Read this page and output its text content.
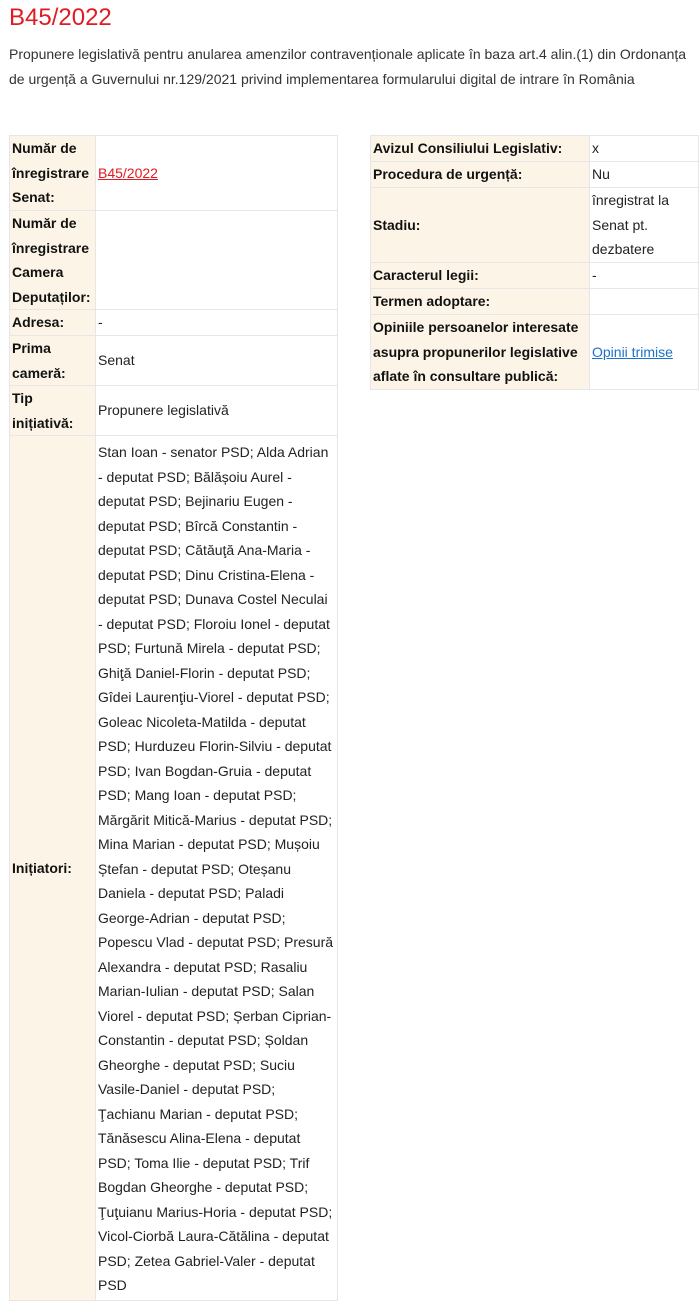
B45/2022

Propunere legislativă pentru anularea amenzilor contravenționale aplicate în baza art.4 alin.(1) din Ordonanța de urgență a Guvernului nr.129/2021 privind implementarea formularului digital de intrare în România

Număr de înregistrare Senat:	B45/2022
Număr de înregistrare Camera Deputaților:	
Adresa:	-
Prima cameră:	Senat
Tip inițiativă:	Propunere legislativă
Inițiatori:	Stan Ioan - senator PSD; Alda Adrian - deputat PSD; Bălășoiu Aurel - deputat PSD; Bejinariu Eugen - deputat PSD; Bîrcă Constantin - deputat PSD; Cătăuţă Ana-Maria - deputat PSD; Dinu Cristina-Elena - deputat PSD; Dunava Costel Neculai - deputat PSD; Floroiu Ionel - deputat PSD; Furtună Mirela - deputat PSD; Ghiţă Daniel-Florin - deputat PSD; Gîdei Laurenţiu-Viorel - deputat PSD; Goleac Nicoleta-Matilda - deputat PSD; Hurduzeu Florin-Silviu - deputat PSD; Ivan Bogdan-Gruia - deputat PSD; Mang Ioan - deputat PSD; Mărgărit Mitică-Marius - deputat PSD; Mina Marian - deputat PSD; Mușoiu Ștefan - deputat PSD; Oteșanu Daniela - deputat PSD; Paladi George-Adrian - deputat PSD; Popescu Vlad - deputat PSD; Presură Alexandra - deputat PSD; Rasaliu Marian-Iulian - deputat PSD; Salan Viorel - deputat PSD; Șerban Ciprian-Constantin - deputat PSD; Șoldan Gheorghe - deputat PSD; Suciu Vasile-Daniel - deputat PSD; Ţachianu Marian - deputat PSD; Tănăsescu Alina-Elena - deputat PSD; Toma Ilie - deputat PSD; Trif Bogdan Gheorghe - deputat PSD; Ţuţuianu Marius-Horia - deputat PSD; Vicol-Ciorbă Laura-Cătălina - deputat PSD; Zetea Gabriel-Valer - deputat PSD
Avizul Consiliului Legislativ:	x
Procedura de urgență:	Nu
Stadiu:	înregistrat la Senat pt. dezbatere
Caracterul legii:	-
Termen adoptare:	
Opiniile persoanelor interesate asupra propunerilor legislative aflate în consultare publică:	Opinii trimise
